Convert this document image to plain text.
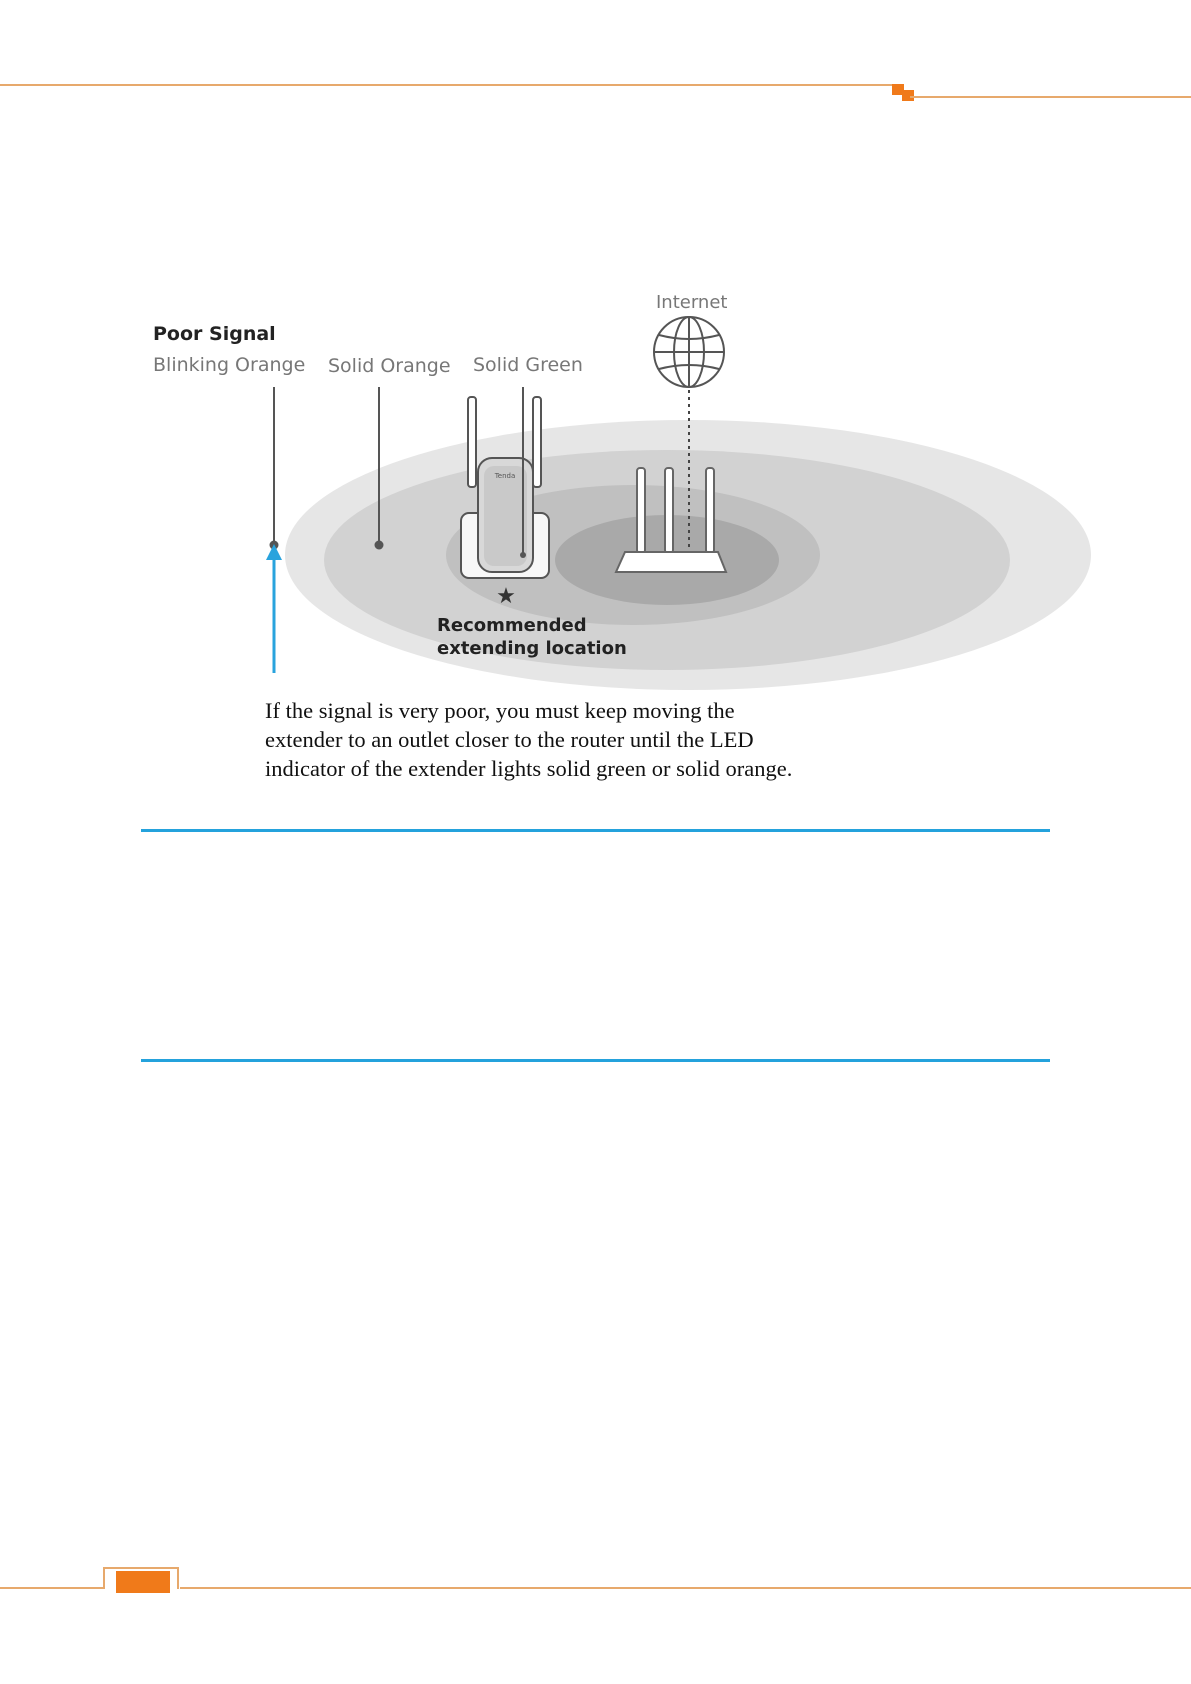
Tenda
★
Internet
Poor Signal
Blinking Orange Solid Orange Solid Green
Recommended
extending location
If the signal is very poor, you must keep moving the
extender to an outlet closer to the router until the LED
indicator of the extender lights solid green or solid orange.
